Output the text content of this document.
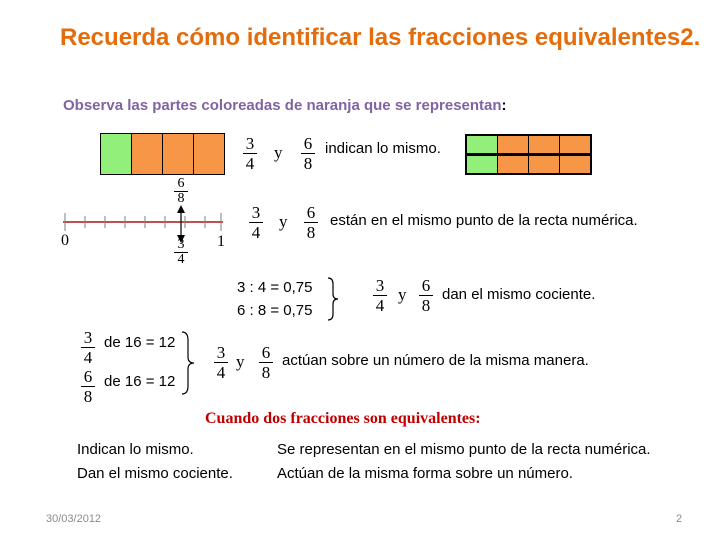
Recuerda cómo identificar las fracciones equivalentes2.
Observa las partes coloreadas de naranja que se representan:
3
4
y 6
8
indican lo mismo.
6
8
3
4
0	1
3
4
y 6
8
están en el mismo punto de la recta numérica.
3 : 4 = 0,75
6 : 8 = 0,75
3
4
y 6
8
dan el mismo cociente.
3
4
de 16 = 12
6
8
de 16 = 12
3
4
y 6
8
actúan sobre un número de la misma manera.
Cuando dos fracciones son equivalentes:
Indican lo mismo.
Dan el mismo cociente.
Se representan en el mismo punto de la recta numérica.
Actúan de la misma forma sobre un número.
30/03/2012	2
